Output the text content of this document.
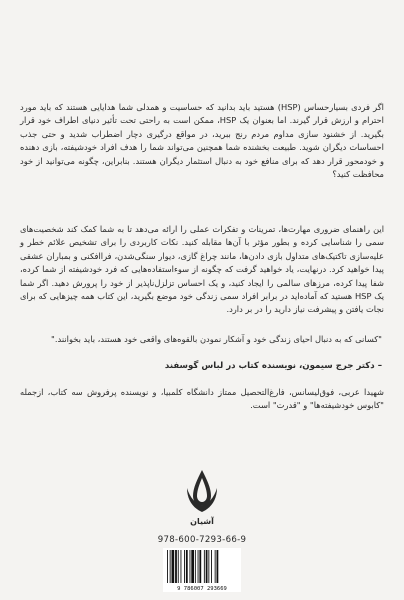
اگر فردی بسیارحساس (HSP) هستید باید بدانید که حساسیت و همدلی شما هدایایی هستند که باید مورد احترام و ارزش قرار گیرند. اما بعنوان یک HSP، ممکن است به راحتی تحت تأثیر دنیای اطراف خود قرار بگیرید. از خشنود سازی مداوم مردم رنج ببرید، در مواقع درگیری دچار اضطراب شدید و حتی جذب احساسات دیگران شوید. طبیعت بخشنده شما همچنین می‌تواند شما را هدف افراد خودشیفته، بازی دهنده و خودمحور قرار دهد که برای منافع خود به دنبال استثمار دیگران هستند. بنابراین، چگونه می‌توانید از خود محافظت کنید؟

این راهنمای ضروری مهارت‌ها، تمرینات و تفکرات عملی را ارائه می‌دهد تا به شما کمک کند شخصیت‌های سمی را شناسایی کرده و بطور مؤثر با آن‌ها مقابله کنید. نکات کاربردی را برای تشخیص علائم خطر و علیه‌سازی تاکتیک‌های متداول بازی دادن‌ها، مانند چراغ گازی، دیوار سنگی‌شدن، فراافکنی و بمباران عشقی پیدا خواهید کرد. درنهایت، یاد خواهید گرفت که چگونه از سوءاستفاده‌هایی که فرد خودشیفته از شما کرده، شفا پیدا کرده، مرزهای سالمی را ایجاد کنید، و یک احساس تزلزل‌ناپذیر از خود را پرورش دهید. اگر شما یک HSP هستید که آماده‌اید در برابر افراد سمی زندگی خود موضع بگیرید، این کتاب همه چیزهایی که برای نجات یافتن و پیشرفت نیاز دارید را در بر دارد.

"کسانی که به دنبال احیای زندگی خود و آشکار نمودن بالقوه‌های واقعی خود هستند، باید بخوانند."

– دکتر جرج سیمون، نویسنده کتاب در لباس گوسفند

شهیدا عربی، فوق‌لیسانس، فارغ‌التحصیل ممتاز دانشگاه کلمبیا، و نویسنده پرفروش سه کتاب، ازجمله "کابوس خودشیفته‌ها" و "قدرت" است.

آشیان

978-600-7293-66-9

9 786007 293669
